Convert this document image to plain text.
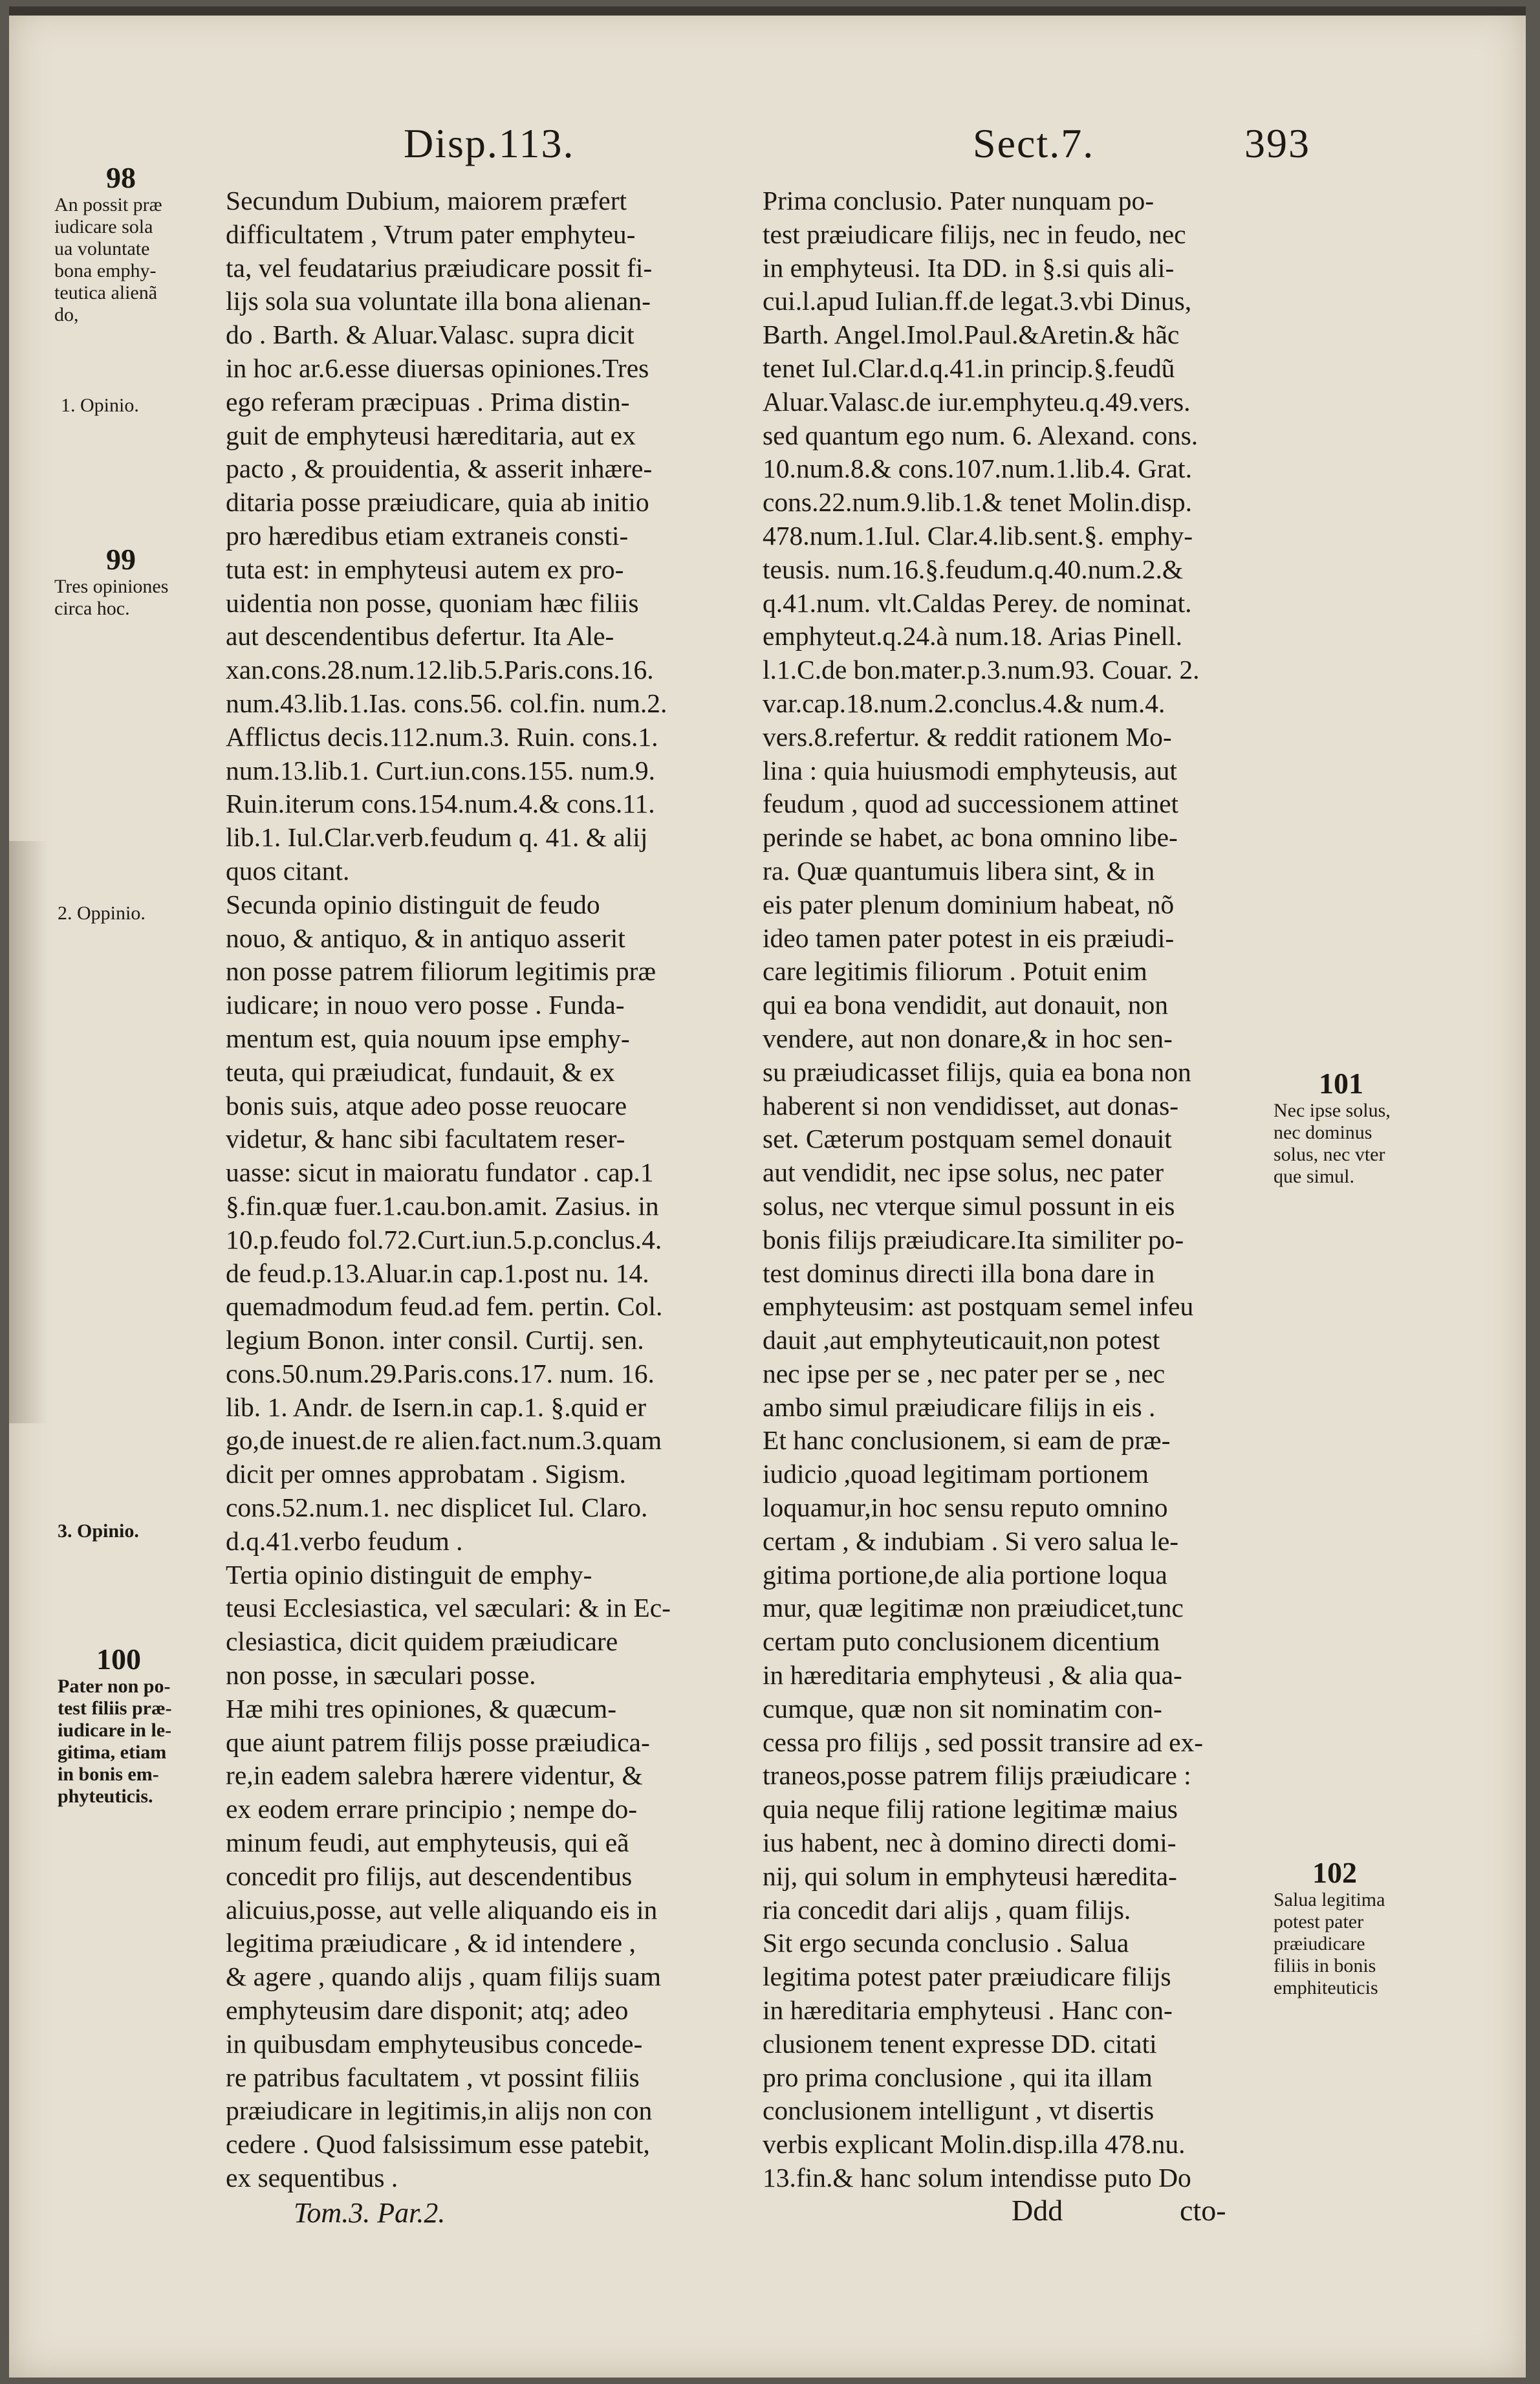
Disp.113.	Sect.7.	393
98
An possit præ
iudicare sola
ua voluntate
bona emphy-
teutica alienã
do,
1. Opinio.
99
Tres opiniones
circa hoc.
2. Oppinio.
3. Opinio.
100
Pater non po-
test filiis præ-
iudicare in le-
gitima, etiam
in bonis em-
phyteuticis.
Secundum Dubium, maiorem præfert
difficultatem , Vtrum pater emphyteu-
ta, vel feudatarius præiudicare possit fi-
lijs sola sua voluntate illa bona alienan-
do . Barth. & Aluar.Valasc. supra dicit
in hoc ar.6.esse diuersas opiniones.Tres
ego referam præcipuas . Prima distin-
guit de emphyteusi hæreditaria, aut ex
pacto , & prouidentia, & asserit inhære-
ditaria posse præiudicare, quia ab initio
pro hæredibus etiam extraneis consti-
tuta est: in emphyteusi autem ex pro-
uidentia non posse, quoniam hæc filiis
aut descendentibus defertur. Ita Ale-
xan.cons.28.num.12.lib.5.Paris.cons.16.
num.43.lib.1.Ias. cons.56. col.fin. num.2.
Afflictus decis.112.num.3. Ruin. cons.1.
num.13.lib.1. Curt.iun.cons.155. num.9.
Ruin.iterum cons.154.num.4.& cons.11.
lib.1. Iul.Clar.verb.feudum q. 41. & alij
quos citant.
Secunda opinio distinguit de feudo
nouo, & antiquo, & in antiquo asserit
non posse patrem filiorum legitimis præ
iudicare; in nouo vero posse . Funda-
mentum est, quia nouum ipse emphy-
teuta, qui præiudicat, fundauit, & ex
bonis suis, atque adeo posse reuocare
videtur, & hanc sibi facultatem reser-
uasse: sicut in maioratu fundator . cap.1
§.fin.quæ fuer.1.cau.bon.amit. Zasius. in
10.p.feudo fol.72.Curt.iun.5.p.conclus.4.
de feud.p.13.Aluar.in cap.1.post nu. 14.
quemadmodum feud.ad fem. pertin. Col.
legium Bonon. inter consil. Curtij. sen.
cons.50.num.29.Paris.cons.17. num. 16.
lib. 1. Andr. de Isern.in cap.1. §.quid er
go,de inuest.de re alien.fact.num.3.quam
dicit per omnes approbatam . Sigism.
cons.52.num.1. nec displicet Iul. Claro.
d.q.41.verbo feudum .
Tertia opinio distinguit de emphy-
teusi Ecclesiastica, vel sæculari: & in Ec-
clesiastica, dicit quidem præiudicare
non posse, in sæculari posse.
Hæ mihi tres opiniones, & quæcum-
que aiunt patrem filijs posse præiudica-
re,in eadem salebra hærere videntur, &
ex eodem errare principio ; nempe do-
minum feudi, aut emphyteusis, qui eã
concedit pro filijs, aut descendentibus
alicuius,posse, aut velle aliquando eis in
legitima præiudicare , & id intendere ,
& agere , quando alijs , quam filijs suam
emphyteusim dare disponit; atq; adeo
in quibusdam emphyteusibus concede-
re patribus facultatem , vt possint filiis
præiudicare in legitimis,in alijs non con
cedere . Quod falsissimum esse patebit,
ex sequentibus .
Prima conclusio. Pater nunquam po-
test præiudicare filijs, nec in feudo, nec
in emphyteusi. Ita DD. in §.si quis ali-
cui.l.apud Iulian.ff.de legat.3.vbi Dinus,
Barth. Angel.Imol.Paul.&Aretin.& hãc
tenet Iul.Clar.d.q.41.in princip.§.feudũ
Aluar.Valasc.de iur.emphyteu.q.49.vers.
sed quantum ego num. 6. Alexand. cons.
10.num.8.& cons.107.num.1.lib.4. Grat.
cons.22.num.9.lib.1.& tenet Molin.disp.
478.num.1.Iul. Clar.4.lib.sent.§. emphy-
teusis. num.16.§.feudum.q.40.num.2.&
q.41.num. vlt.Caldas Perey. de nominat.
emphyteut.q.24.à num.18. Arias Pinell.
l.1.C.de bon.mater.p.3.num.93. Couar. 2.
var.cap.18.num.2.conclus.4.& num.4.
vers.8.refertur. & reddit rationem Mo-
lina : quia huiusmodi emphyteusis, aut
feudum , quod ad successionem attinet
perinde se habet, ac bona omnino libe-
ra. Quæ quantumuis libera sint, & in
eis pater plenum dominium habeat, nõ
ideo tamen pater potest in eis præiudi-
care legitimis filiorum . Potuit enim
qui ea bona vendidit, aut donauit, non
vendere, aut non donare,& in hoc sen-
su præiudicasset filijs, quia ea bona non
haberent si non vendidisset, aut donas-
set. Cæterum postquam semel donauit
aut vendidit, nec ipse solus, nec pater
solus, nec vterque simul possunt in eis
bonis filijs præiudicare.Ita similiter po-
test dominus directi illa bona dare in
emphyteusim: ast postquam semel infeu
dauit ,aut emphyteuticauit,non potest
nec ipse per se , nec pater per se , nec
ambo simul præiudicare filijs in eis .
Et hanc conclusionem, si eam de præ-
iudicio ,quoad legitimam portionem
loquamur,in hoc sensu reputo omnino
certam , & indubiam . Si vero salua le-
gitima portione,de alia portione loqua
mur, quæ legitimæ non præiudicet,tunc
certam puto conclusionem dicentium
in hæreditaria emphyteusi , & alia qua-
cumque, quæ non sit nominatim con-
cessa pro filijs , sed possit transire ad ex-
traneos,posse patrem filijs præiudicare :
quia neque filij ratione legitimæ maius
ius habent, nec à domino directi domi-
nij, qui solum in emphyteusi hæredita-
ria concedit dari alijs , quam filijs.
Sit ergo secunda conclusio . Salua
legitima potest pater præiudicare filijs
in hæreditaria emphyteusi . Hanc con-
clusionem tenent expresse DD. citati
pro prima conclusione , qui ita illam
conclusionem intelligunt , vt disertis
verbis explicant Molin.disp.illa 478.nu.
13.fin.& hanc solum intendisse puto Do
101
Nec ipse solus,
nec dominus
solus, nec vter
que simul.
102
Salua legitima
potest pater
præiudicare
filiis in bonis
emphiteuticis
Tom.3. Par.2.	Ddd	cto-
